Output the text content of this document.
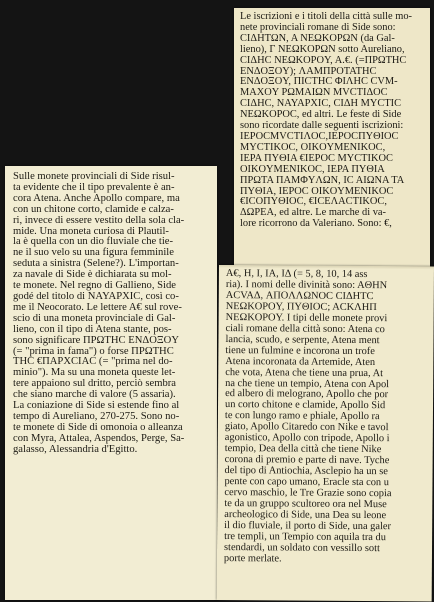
Le iscrizioni e i titoli della città sulle mo-
nete provinciali romane di Side sono:
CIΔHTΩN, A NEΩKOPΩN (da Gal-
lieno), Γ NEΩKOPΩN sotto Aureliano,
CIΔHC NEΩKOPOY, A.€. (=ΠPΩTHC
ENΔOΞOY); ΛAMΠPOTATHC
ENΔOΞOY, ΠICTHC ΦIΛHC CVM-
MAXOY PΩMAIΩN MVCTIΔOC
CIΔHC, NAYAPXIC, CIΔH MYCTIC
NEΩKOPOC, ed altri. Le feste di Side
sono ricordate dalle seguenti iscrizioni:
IEPOCMVCTIΛOC,IEPOCΠYΘIOC
MYCTIKOC, OIKOYMENIKOC,
IEPA ΠYΘIA €IEPOC MYCTIKOC
OIKOYMENIKOC, IEPA ΠYΘIA
ΠPΩTA ΠAMΦYΛΩN, IC AIΩNA TA
ΠYΘIA, IEPOC OIKOYMENIKOC
€ICOΠYΘIOC, €ICEΛACTIKOC,
ΔΩPEA, ed altre. Le marche di va-
lore ricorrono da Valeriano. Sono: €,
Sulle monete provinciali di Side risul-
ta evidente che il tipo prevalente è an-
cora Atena. Anche Apollo compare, ma
con un chitone corto, clamide e calza-
ri, invece di essere vestito della sola cla-
mide. Una moneta curiosa di Plautil-
la è quella con un dio fluviale che tie-
ne il suo velo su una figura femminile
seduta a sinistra (Selene?). L'importan-
za navale di Side è dichiarata su mol-
te monete. Nel regno di Gallieno, Side
godé del titolo di NAYAPXIC, così co-
me il Neocorato. Le lettere A€ sul rove-
scio di una moneta provinciale di Gal-
lieno, con il tipo di Atena stante, pos-
sono significare ΠPΩTHC ENΔOΞOY
(= "prima in fama") o forse ΠPΩTHC
THC €ΠAPXCIAC (= "prima nel do-
minio"). Ma su una moneta queste let-
tere appaiono sul dritto, perciò sembra
che siano marche di valore (5 assaria).
La coniazione di Side si estende fino al
tempo di Aureliano, 270-275. Sono no-
te monete di Side di omonoia o alleanza
con Myra, Attalea, Aspendos, Perge, Sa-
galasso, Alessandria d'Egitto.
A€, H, I, IA, IΔ (= 5, 8, 10, 14 ass
ria). I nomi delle divinità sono: AΘHN
ACVAΔ, AΠOΛΛΩNOC CIΔHTC
NEΩKOPOY, ΠYΘIOC; ACKΛHΠ
NEΩKOPOY. I tipi delle monete provi
ciali romane della città sono: Atena co
lancia, scudo, e serpente, Atena ment
tiene un fulmine e incorona un trofe
Atena incoronata da Artemide, Aten
che vota, Atena che tiene una prua, At
na che tiene un tempio, Atena con Apol
ed albero di melograno, Apollo che por
un corto chitone e clamide, Apollo Sid
te con lungo ramo e phiale, Apollo ra
giato, Apollo Citaredo con Nike e tavol
agonistico, Apollo con tripode, Apollo i
tempio, Dea della città che tiene Nike
corona di premio e parte di nave. Tyche
del tipo di Antiochia, Asclepio ha un se
pente con capo umano, Eracle sta con u
cervo maschio, le Tre Grazie sono copia
te da un gruppo scultoreo ora nel Muse
archeologico di Side, una Dea su leone
il dio fluviale, il porto di Side, una galer
tre templi, un Tempio con aquila tra du
stendardi, un soldato con vessillo sott
porte merlate.
